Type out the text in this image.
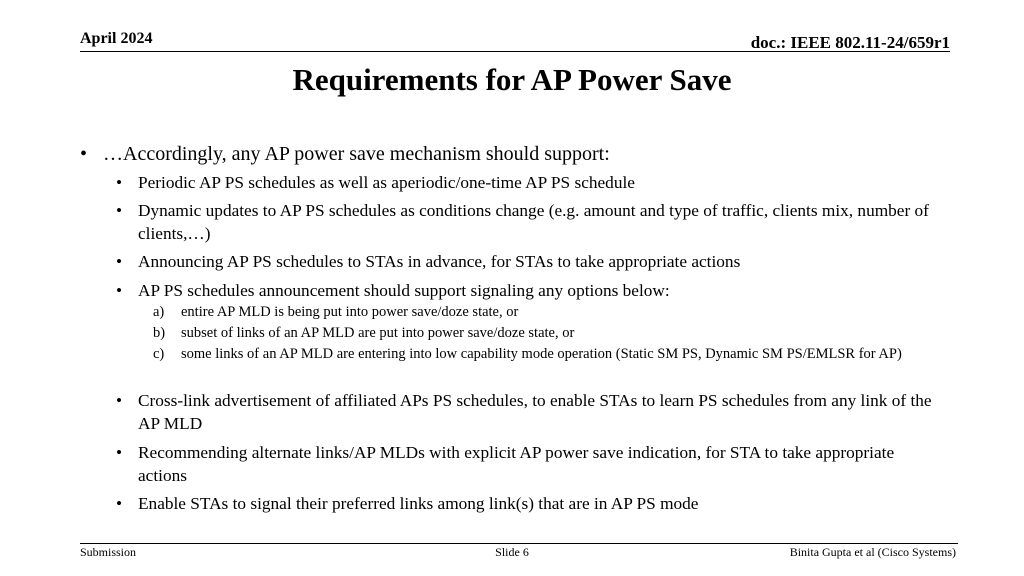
April 2024	doc.: IEEE 802.11-24/659r1
Requirements for AP Power Save
• …Accordingly, any AP power save mechanism should support:
• Periodic AP PS schedules as well as aperiodic/one-time AP PS schedule
• Dynamic updates to AP PS schedules as conditions change (e.g. amount and type of traffic, clients mix, number of clients,…)
• Announcing AP PS schedules to STAs in advance, for STAs to take appropriate actions
• AP PS schedules announcement should support signaling any options below:
a) entire AP MLD is being put into power save/doze state, or
b) subset of links of an AP MLD are put into power save/doze state, or
c) some links of an AP MLD are entering into low capability mode operation (Static SM PS, Dynamic SM PS/EMLSR for AP)
• Cross-link advertisement of affiliated APs PS schedules, to enable STAs to learn PS schedules from any link of the AP MLD
• Recommending alternate links/AP MLDs with explicit AP power save indication, for STA to take appropriate actions
• Enable STAs to signal their preferred links among link(s) that are in AP PS mode
Submission	Slide 6	Binita Gupta et al (Cisco Systems)
